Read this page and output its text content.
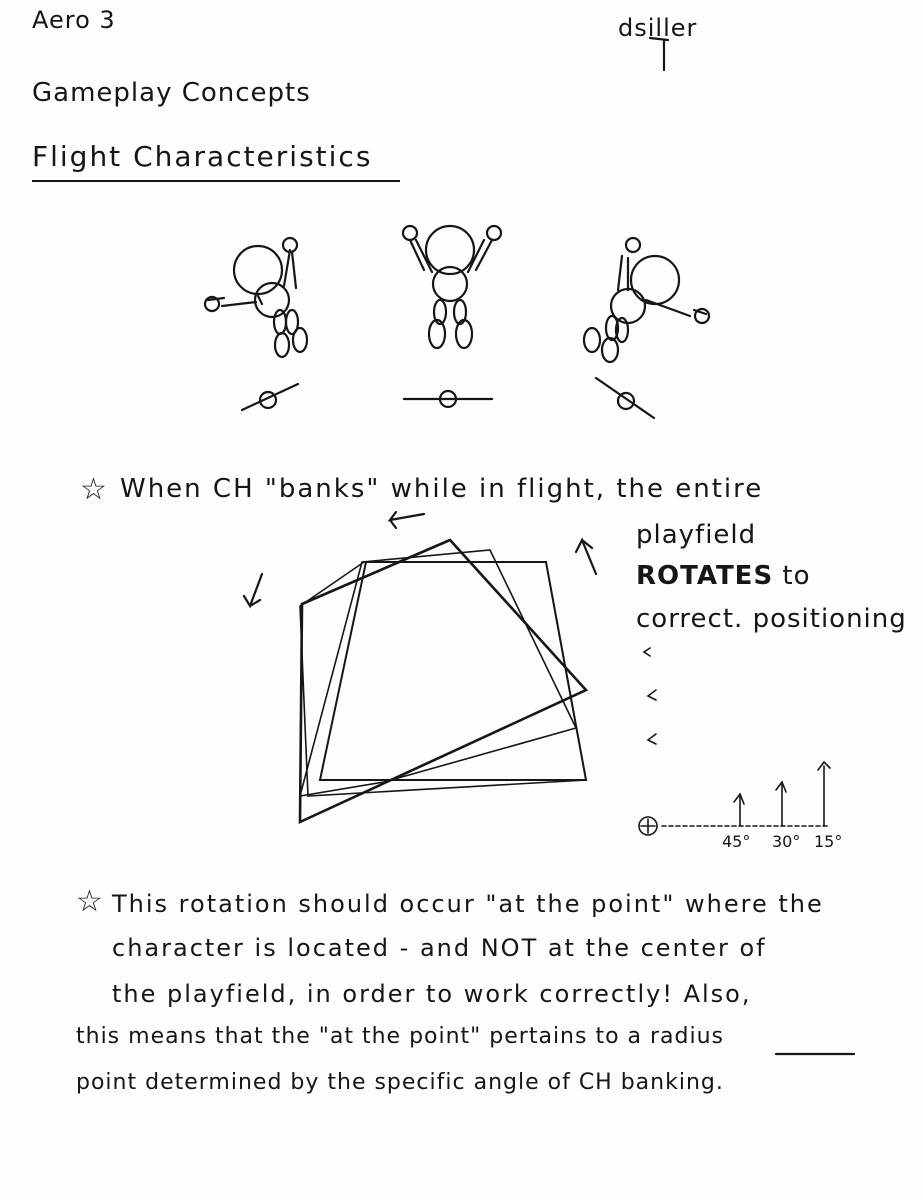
Aero 3	dsiller
Gameplay Concepts
Flight Characteristics
☆ When CH "banks" while in flight, the entire
playfield
ROTATES to
correct. positioning
45° 30° 15°
☆ This rotation should occur "at the point" where the
character is located - and NOT at the center of
the playfield, in order to work correctly! Also,
this means that the "at the point" pertains to a radius
point determined by the specific angle of CH banking.
